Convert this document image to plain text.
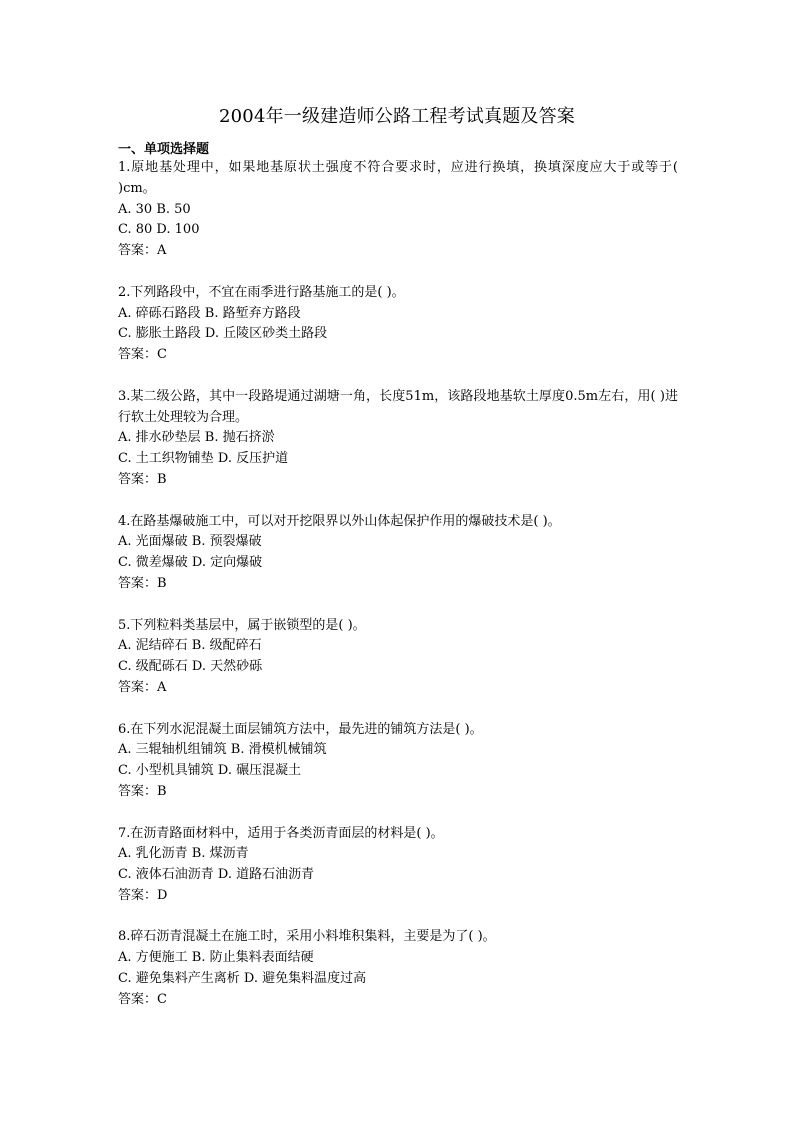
2004年一级建造师公路工程考试真题及答案
一、单项选择题
1.原地基处理中，如果地基原状土强度不符合要求时，应进行换填，换填深度应大于或等于( )cm。
A. 30 B. 50
C. 80 D. 100
答案：A
2.下列路段中，不宜在雨季进行路基施工的是( )。
A. 碎砾石路段 B. 路堑弃方路段
C. 膨胀土路段 D. 丘陵区砂类土路段
答案：C
3.某二级公路，其中一段路堤通过湖塘一角，长度51m，该路段地基软土厚度0.5m左右，用( )进行软土处理较为合理。
A. 排水砂垫层 B. 抛石挤淤
C. 土工织物铺垫 D. 反压护道
答案：B
4.在路基爆破施工中，可以对开挖限界以外山体起保护作用的爆破技术是( )。
A. 光面爆破 B. 预裂爆破
C. 微差爆破 D. 定向爆破
答案：B
5.下列粒料类基层中，属于嵌锁型的是( )。
A. 泥结碎石 B. 级配碎石
C. 级配砾石 D. 天然砂砾
答案：A
6.在下列水泥混凝土面层铺筑方法中，最先进的铺筑方法是( )。
A. 三辊轴机组铺筑 B. 滑模机械铺筑
C. 小型机具铺筑 D. 碾压混凝土
答案：B
7.在沥青路面材料中，适用于各类沥青面层的材料是( )。
A. 乳化沥青 B. 煤沥青
C. 液体石油沥青 D. 道路石油沥青
答案：D
8.碎石沥青混凝土在施工时，采用小料堆积集料，主要是为了( )。
A. 方便施工 B. 防止集料表面结硬
C. 避免集料产生离析 D. 避免集料温度过高
答案：C
